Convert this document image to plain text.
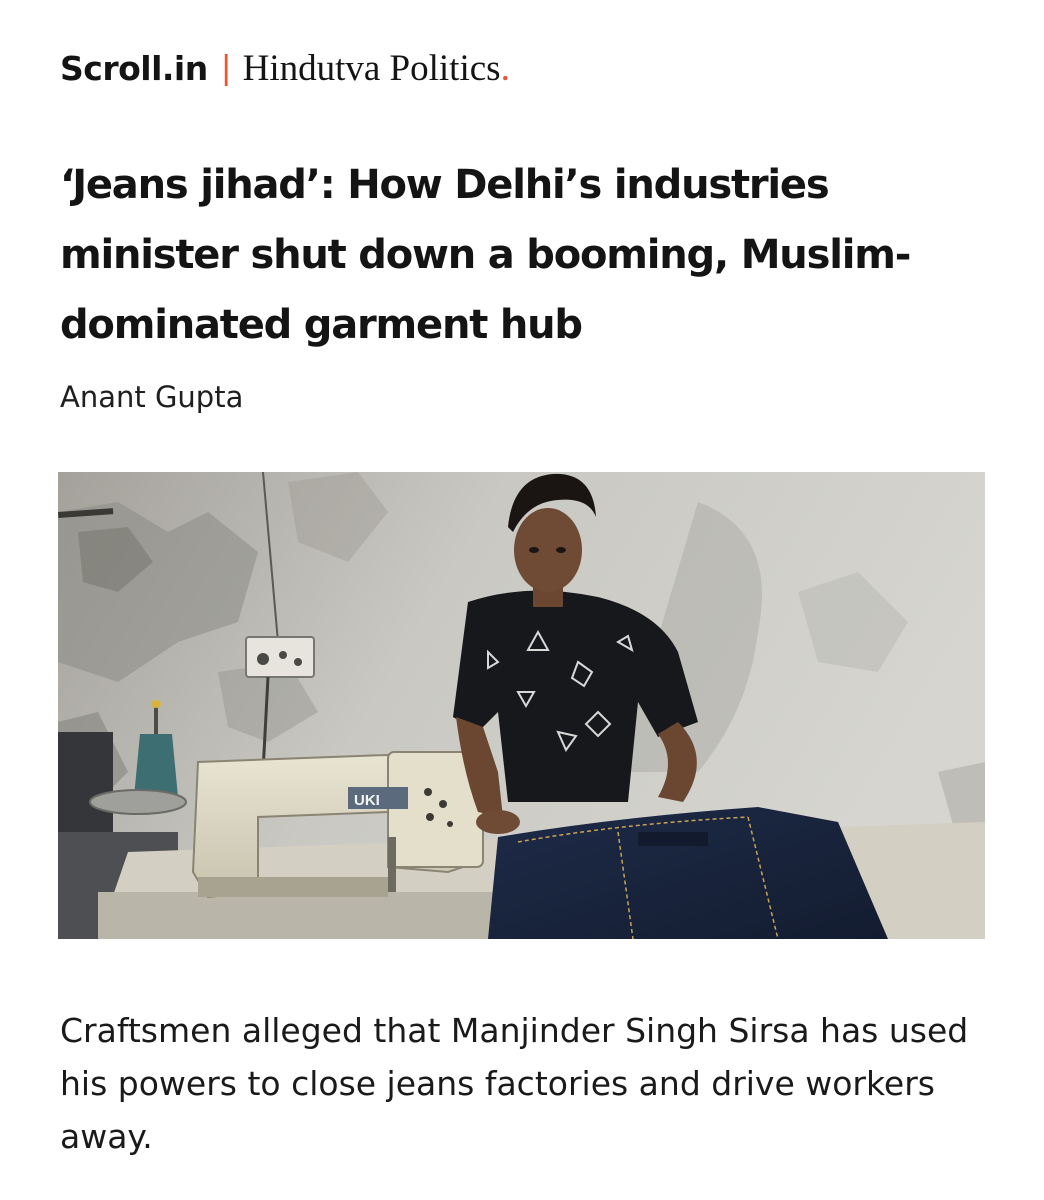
Scroll.in | Hindutva Politics .
‘Jeans jihad’: How Delhi’s industries minister shut down a booming, Muslim-dominated garment hub
Anant Gupta
UKI

Craftsmen alleged that Manjinder Singh Sirsa has used his powers to close jeans factories and drive workers away.
